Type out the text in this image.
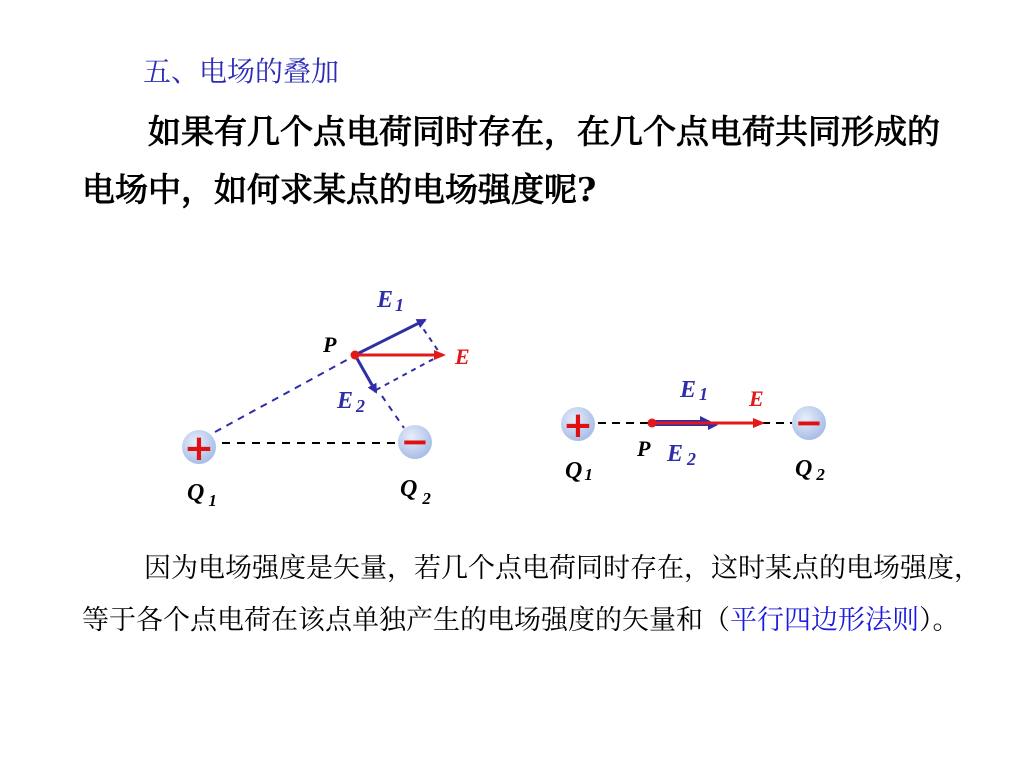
五、电场的叠加
如果有几个点电荷同时存在，在几个点电荷共同形成的电场中，如何求某点的电场强度呢?
+	−
E 1
P	E
E 2
Q $_1$	Q $_2$
+	−
E 1 E
P E 2
Q 1	Q 2
因为电场强度是矢量，若几个点电荷同时存在，这时某点的电场强度，等于各个点电荷在该点单独产生的电场强度的矢量和（平行四边形法则）。
